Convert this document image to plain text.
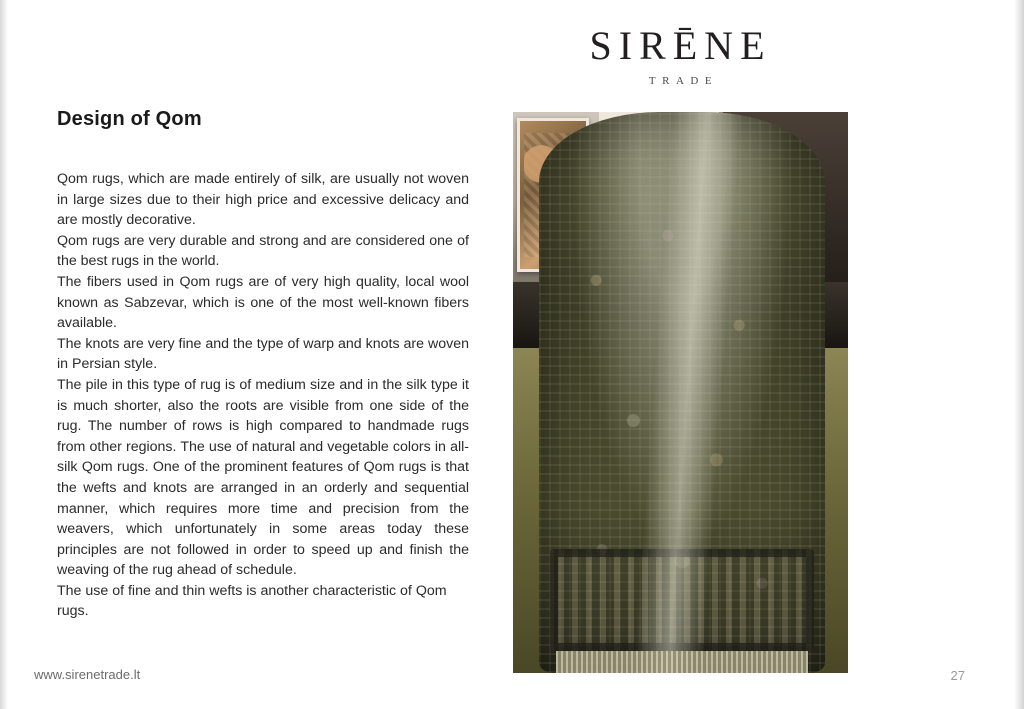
Design of Qom

Qom rugs, which are made entirely of silk, are usually not woven in large sizes due to their high price and excessive delicacy and are mostly decorative.

Qom rugs are very durable and strong and are considered one of the best rugs in the world.

The fibers used in Qom rugs are of very high quality, local wool known as Sabzevar, which is one of the most well-known fibers available.

The knots are very fine and the type of warp and knots are woven in Persian style.

The pile in this type of rug is of medium size and in the silk type it is much shorter, also the roots are visible from one side of the rug. The number of rows is high compared to handmade rugs from other regions. The use of natural and vegetable colors in all-silk Qom rugs. One of the prominent features of Qom rugs is that the wefts and knots are arranged in an orderly and sequential manner, which requires more time and precision from the weavers, which unfortunately in some areas today these principles are not followed in order to speed up and finish the weaving of the rug ahead of schedule.

The use of fine and thin wefts is another characteristic of Qom rugs.

SIRĒNE
TRADE
www.sirenetrade.lt	27
